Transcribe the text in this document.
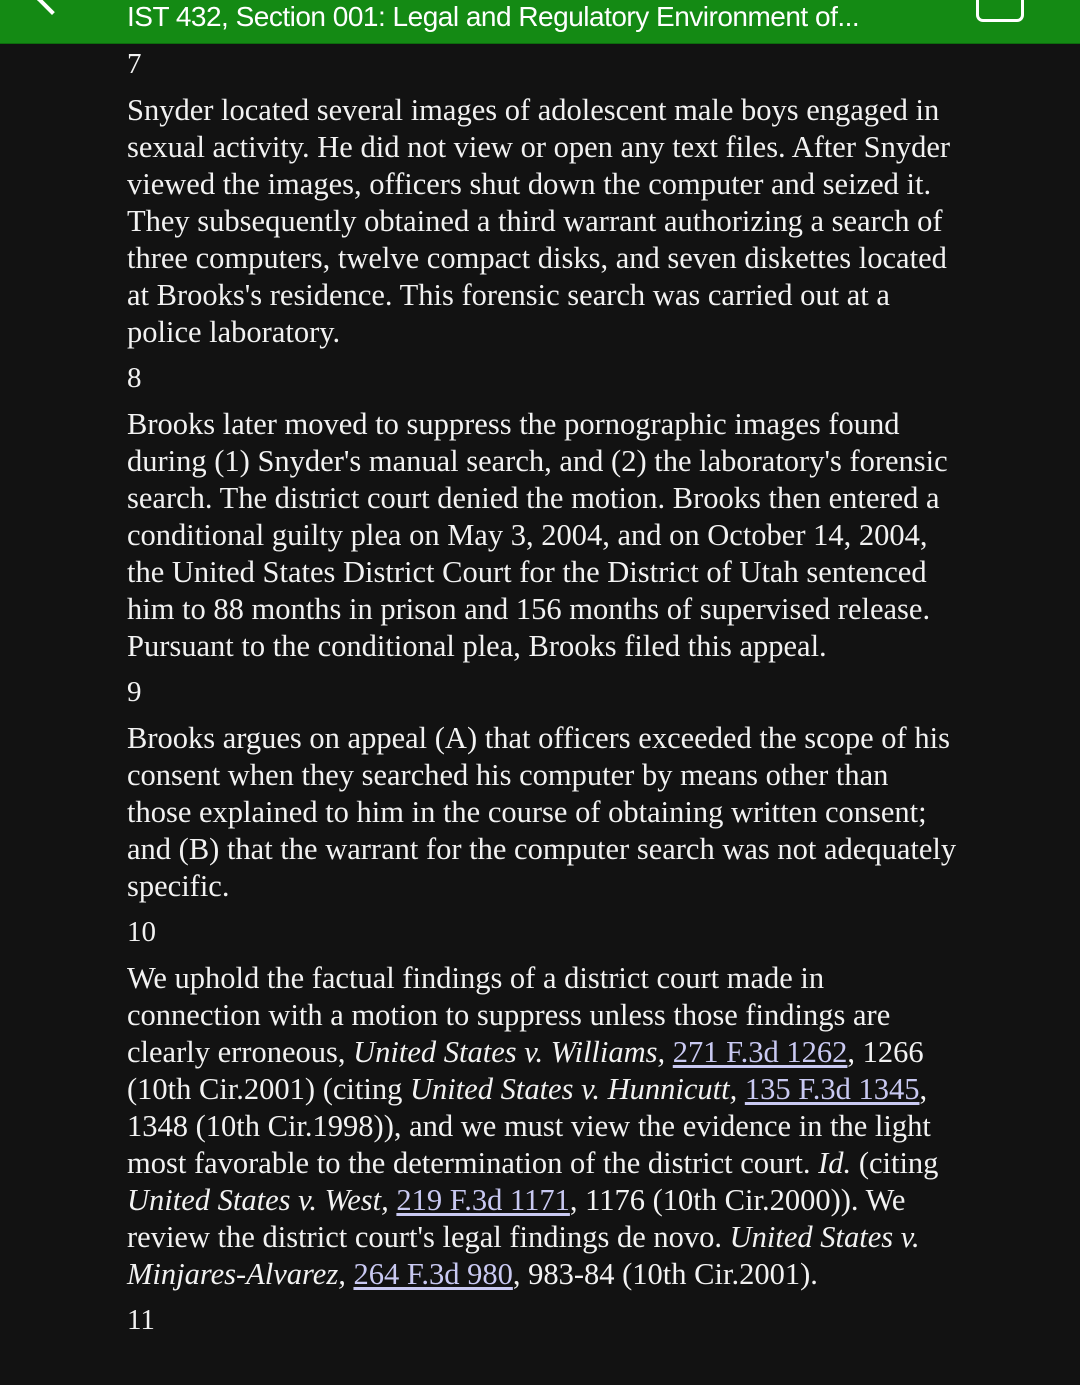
IST 432, Section 001: Legal and Regulatory Environment of...
7

Snyder located several images of adolescent male boys engaged in sexual activity. He did not view or open any text files. After Snyder viewed the images, officers shut down the computer and seized it. They subsequently obtained a third warrant authorizing a search of three computers, twelve compact disks, and seven diskettes located at Brooks's residence. This forensic search was carried out at a police laboratory.

8

Brooks later moved to suppress the pornographic images found during (1) Snyder's manual search, and (2) the laboratory's forensic search. The district court denied the motion. Brooks then entered a conditional guilty plea on May 3, 2004, and on October 14, 2004, the United States District Court for the District of Utah sentenced him to 88 months in prison and 156 months of supervised release. Pursuant to the conditional plea, Brooks filed this appeal.

9

Brooks argues on appeal (A) that officers exceeded the scope of his consent when they searched his computer by means other than those explained to him in the course of obtaining written consent; and (B) that the warrant for the computer search was not adequately specific.

10

We uphold the factual findings of a district court made in connection with a motion to suppress unless those findings are clearly erroneous, United States v. Williams, 271 F.3d 1262, 1266 (10th Cir.2001) (citing United States v. Hunnicutt, 135 F.3d 1345, 1348 (10th Cir.1998)), and we must view the evidence in the light most favorable to the determination of the district court. Id. (citing United States v. West, 219 F.3d 1171, 1176 (10th Cir.2000)). We review the district court's legal findings de novo. United States v. Minjares-Alvarez, 264 F.3d 980, 983-84 (10th Cir.2001).

11
